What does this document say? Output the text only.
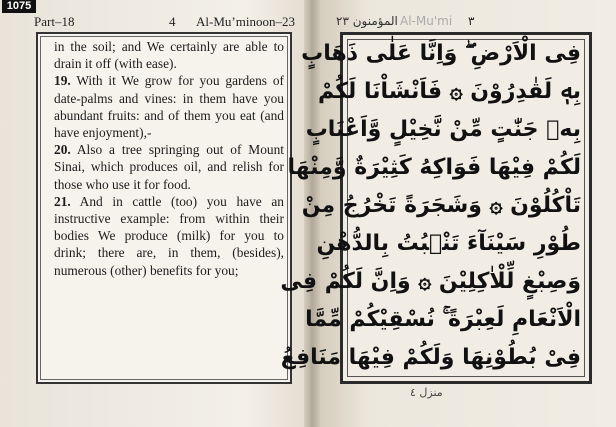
1075
Part–18	4 Al-Mu’minoon–23

in the soil; and We certainly are able to drain it off (with ease).

19. With it We grow for you gardens of date-palms and vines: in them have you abundant fruits: and of them you eat (and have enjoyment),-

20. Also a tree springing out of Mount Sinai, which produces oil, and relish for those who use it for food.

21. And in cattle (too) you have an instructive example: from within their bodies We produce (milk) for you to drink; there are, in them, (besides), numerous (other) benefits for you;

المؤمنون ٢٣ Al-Mu'mi ٣
فِى الْاَرْضِ ۖ وَاِنَّا عَلٰى ذَهَابٍ
بِهٖ لَقٰدِرُوْنَ ۞ فَاَنْشَاْنَا لَكُمْ
بِهٖ جَنّٰتٍ مِّنْ نَّخِيْلٍ وَّاَعْنَابٍ
لَكُمْ فِيْهَا فَوَاكِهُ كَثِيْرَةٌ وَّمِنْهَا
تَاْكُلُوْنَ ۞ وَشَجَرَةً تَخْرُجُ مِنْ
طُوْرِ سَيْنَآءَ تَنْۢبُتُ بِالدُّهْنِ
وَصِبْغٍ لِّلْاٰكِلِيْنَ ۞ وَاِنَّ لَكُمْ فِى
الْاَنْعَامِ لَعِبْرَةً ۚ نُسْقِيْكُمْ مِّمَّا
فِىْ بُطُوْنِهَا وَلَكُمْ فِيْهَا مَنَافِعُ
منزل ٤
